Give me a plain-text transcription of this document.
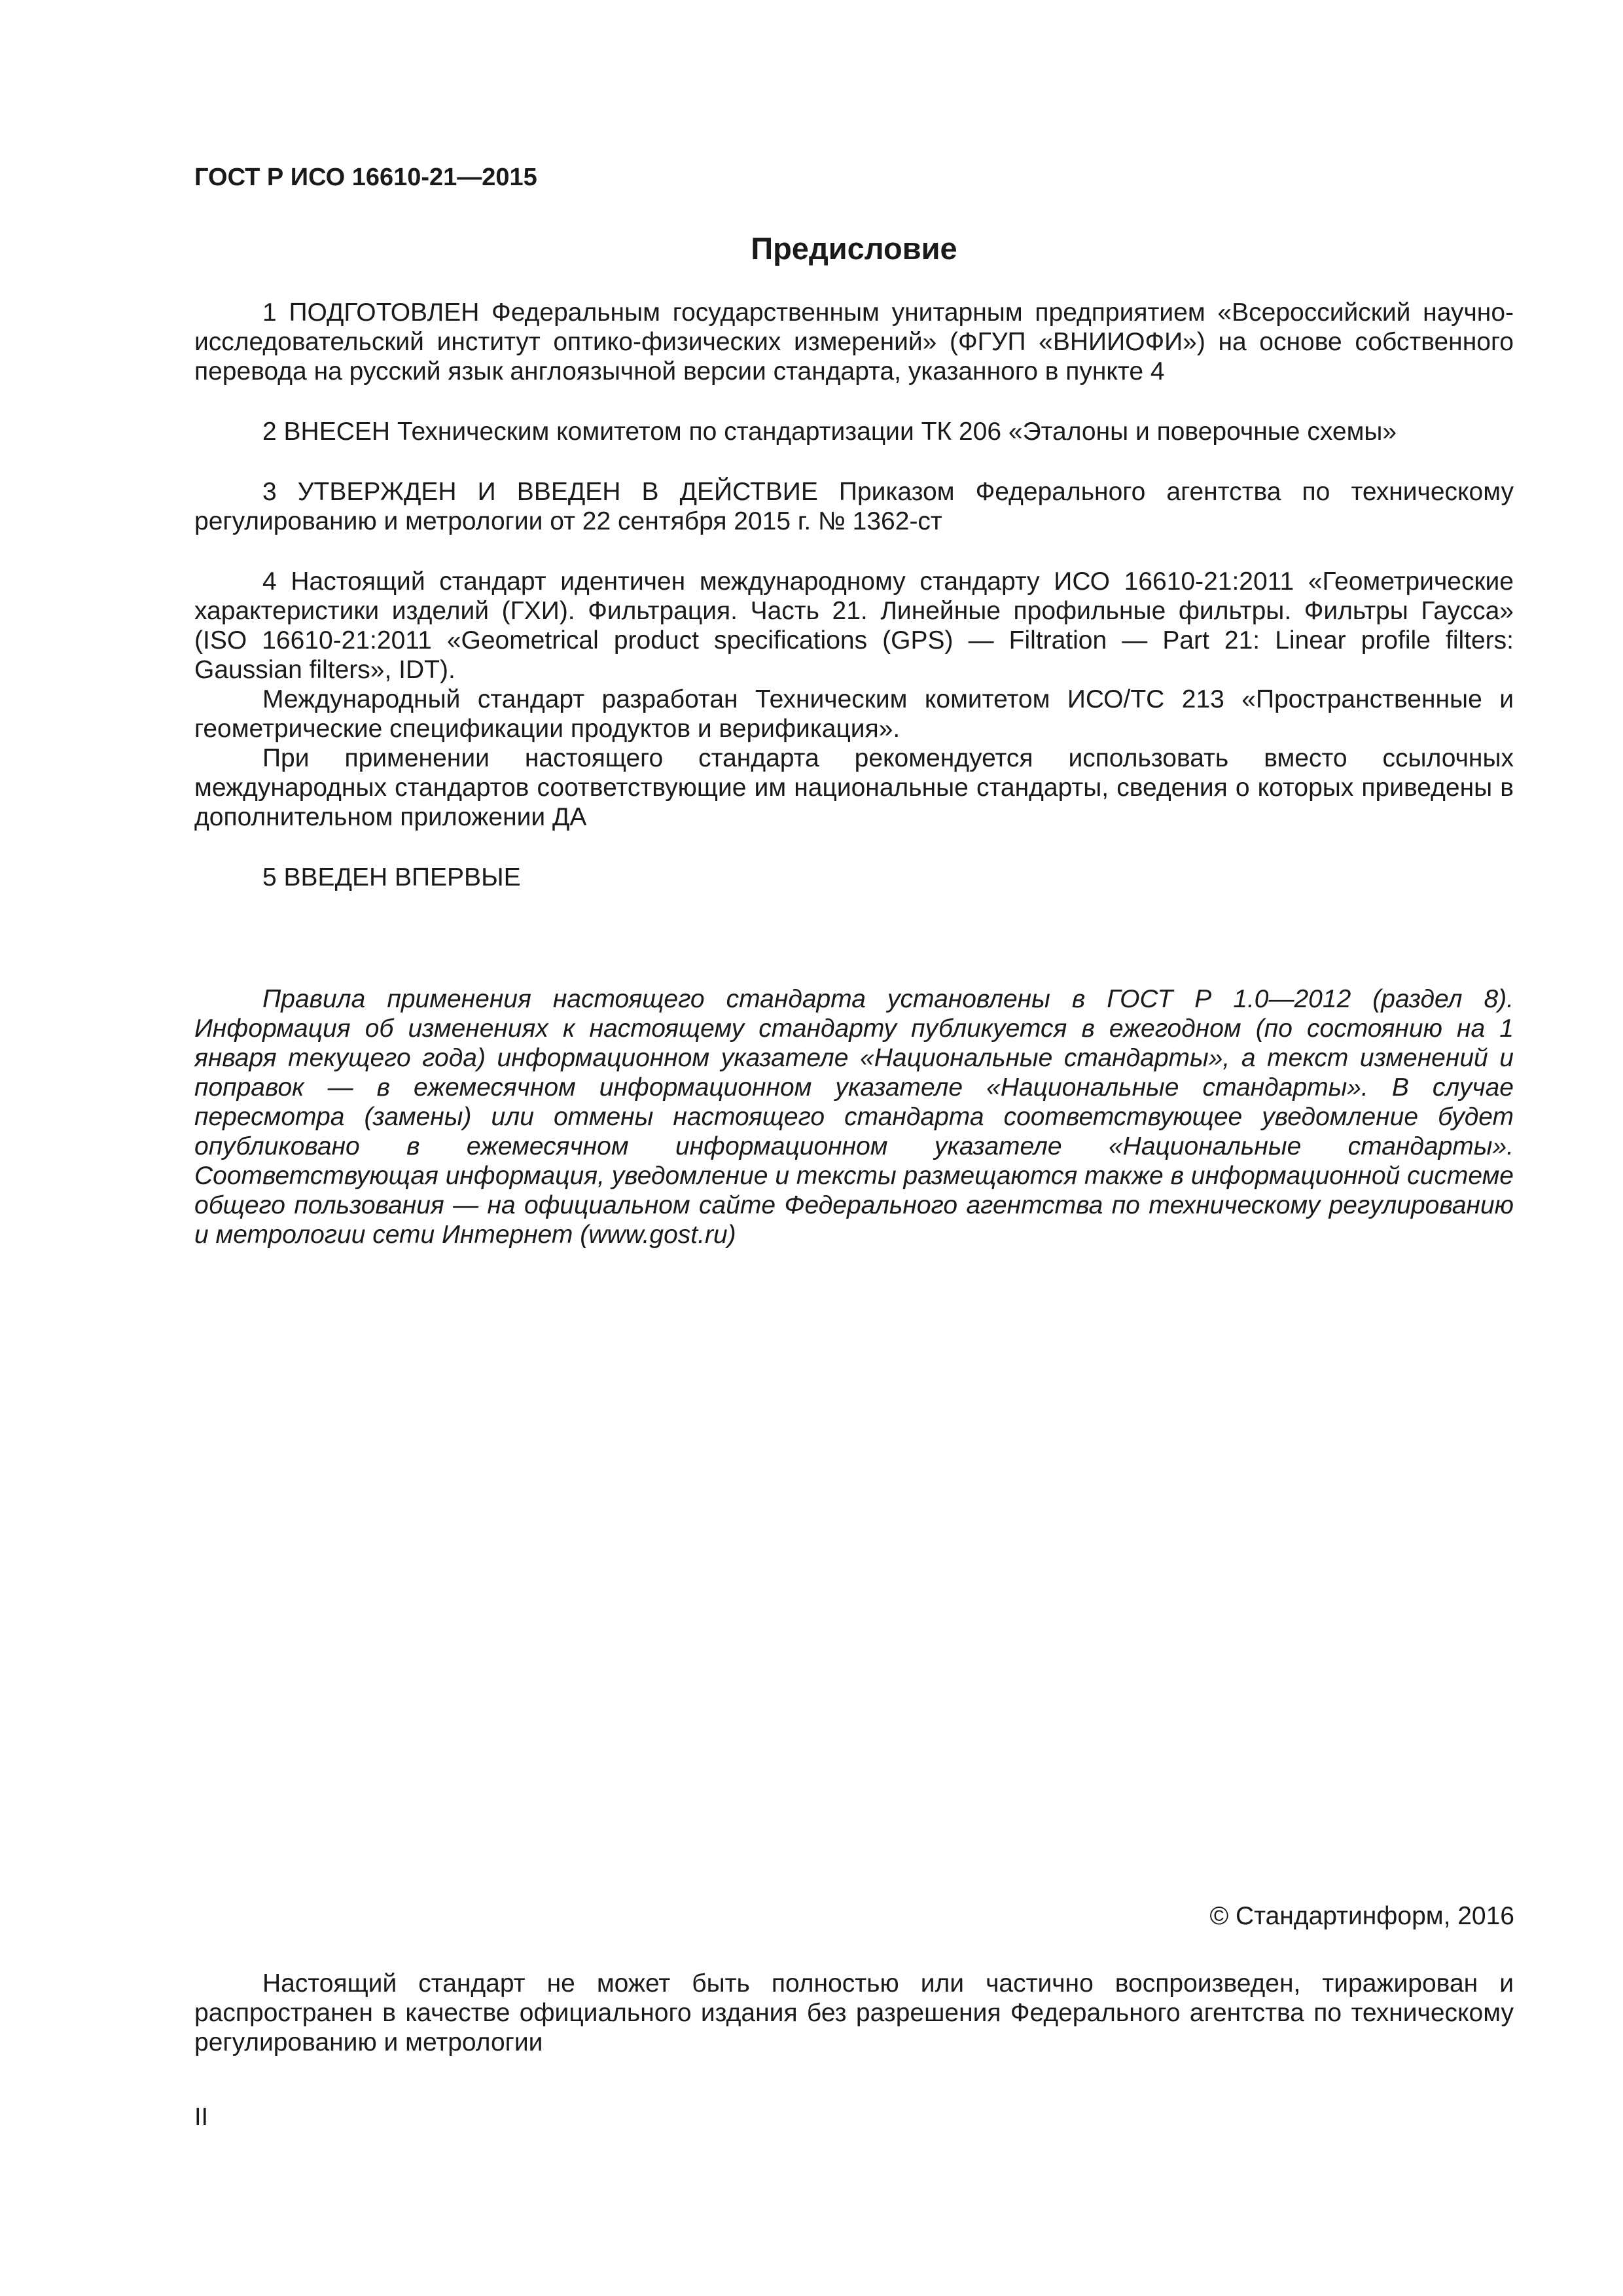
ГОСТ Р ИСО 16610-21—2015
Предисловие

1 ПОДГОТОВЛЕН Федеральным государственным унитарным предприятием «Всероссийский научно-исследовательский институт оптико-физических измерений» (ФГУП «ВНИИОФИ») на основе собственного перевода на русский язык англоязычной версии стандарта, указанного в пункте 4

2 ВНЕСЕН Техническим комитетом по стандартизации ТК 206 «Эталоны и поверочные схемы»

3 УТВЕРЖДЕН И ВВЕДЕН В ДЕЙСТВИЕ Приказом Федерального агентства по техническому регулированию и метрологии от 22 сентября 2015 г. № 1362-ст

4 Настоящий стандарт идентичен международному стандарту ИСО 16610-21:2011 «Геометрические характеристики изделий (ГХИ). Фильтрация. Часть 21. Линейные профильные фильтры. Фильтры Гаусса» (ISO 16610-21:2011 «Geometrical product specifications (GPS) — Filtration — Part 21: Linear profile filters: Gaussian filters», IDT).

Международный стандарт разработан Техническим комитетом ИСО/ТС 213 «Пространственные и геометрические спецификации продуктов и верификация».

При применении настоящего стандарта рекомендуется использовать вместо ссылочных международных стандартов соответствующие им национальные стандарты, сведения о которых приведены в дополнительном приложении ДА

5 ВВЕДЕН ВПЕРВЫЕ

Правила применения настоящего стандарта установлены в ГОСТ Р 1.0—2012 (раздел 8). Информация об изменениях к настоящему стандарту публикуется в ежегодном (по состоянию на 1 января текущего года) информационном указателе «Национальные стандарты», а текст изменений и поправок — в ежемесячном информационном указателе «Национальные стандарты». В случае пересмотра (замены) или отмены настоящего стандарта соответствующее уведомление будет опубликовано в ежемесячном информационном указателе «Национальные стандарты». Соответствующая информация, уведомление и тексты размещаются также в информационной системе общего пользования — на официальном сайте Федерального агентства по техническому регулированию и метрологии сети Интернет (www.gost.ru)

© Стандартинформ, 2016

Настоящий стандарт не может быть полностью или частично воспроизведен, тиражирован и распространен в качестве официального издания без разрешения Федерального агентства по техническому регулированию и метрологии

II
